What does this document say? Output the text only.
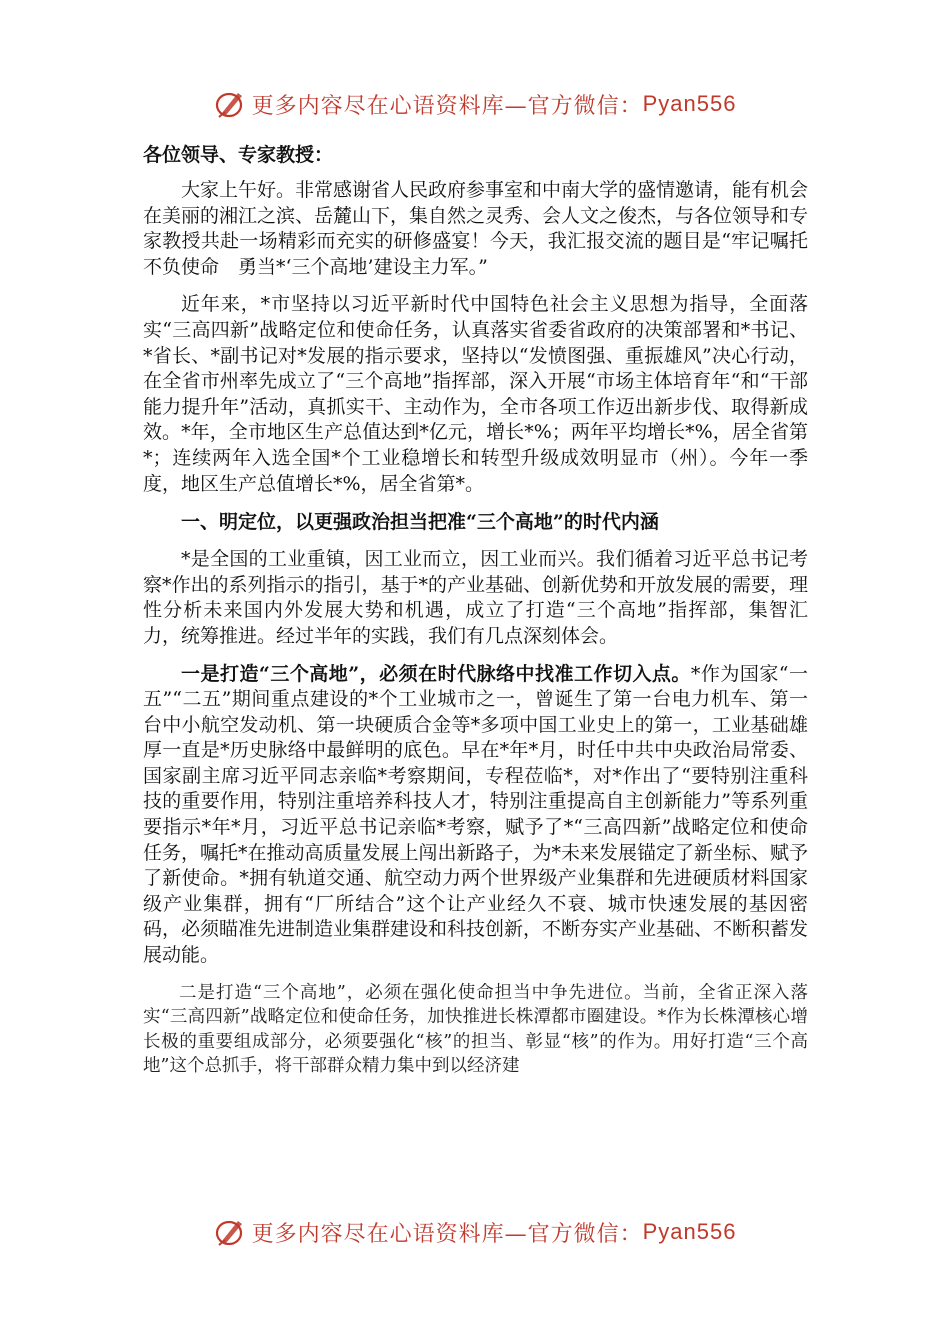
更多内容尽在心语资料库—官方微信： Pyan556
各位领导、专家教授：

大家上午好。非常感谢省人民政府参事室和中南大学的盛情邀请，能有机会在美丽的湘江之滨、岳麓山下，集自然之灵秀、会人文之俊杰，与各位领导和专家教授共赴一场精彩而充实的研修盛宴！今天，我汇报交流的题目是“牢记嘱托不负使命　勇当*‘三个高地’建设主力军。”

近年来，*市坚持以习近平新时代中国特色社会主义思想为指导，全面落实“三高四新”战略定位和使命任务，认真落实省委省政府的决策部署和*书记、*省长、*副书记对*发展的指示要求，坚持以“发愤图强、重振雄风”决心行动，在全省市州率先成立了“三个高地”指挥部，深入开展“市场主体培育年“和“干部能力提升年”活动，真抓实干、主动作为，全市各项工作迈出新步伐、取得新成效。*年，全市地区生产总值达到*亿元，增长*%；两年平均增长*%，居全省第*；连续两年入选全国*个工业稳增长和转型升级成效明显市（州）。今年一季度，地区生产总值增长*%，居全省第*。

一、明定位，以更强政治担当把准“三个高地”的时代内涵

*是全国的工业重镇，因工业而立，因工业而兴。我们循着习近平总书记考察*作出的系列指示的指引，基于*的产业基础、创新优势和开放发展的需要，理性分析未来国内外发展大势和机遇，成立了打造“三个高地”指挥部，集智汇力，统筹推进。经过半年的实践，我们有几点深刻体会。

一是打造“三个高地”，必须在时代脉络中找准工作切入点。*作为国家“一五”“二五”期间重点建设的*个工业城市之一，曾诞生了第一台电力机车、第一台中小航空发动机、第一块硬质合金等*多项中国工业史上的第一，工业基础雄厚一直是*历史脉络中最鲜明的底色。早在*年*月，时任中共中央政治局常委、国家副主席习近平同志亲临*考察期间，专程莅临*，对*作出了“要特别注重科技的重要作用，特别注重培养科技人才，特别注重提高自主创新能力”等系列重要指示*年*月，习近平总书记亲临*考察，赋予了*“三高四新”战略定位和使命任务，嘱托*在推动高质量发展上闯出新路子，为*未来发展锚定了新坐标、赋予了新使命。*拥有轨道交通、航空动力两个世界级产业集群和先进硬质材料国家级产业集群，拥有“厂所结合”这个让产业经久不衰、城市快速发展的基因密码，必须瞄准先进制造业集群建设和科技创新，不断夯实产业基础、不断积蓄发展动能。

二是打造“三个高地”，必须在强化使命担当中争先进位。当前，全省正深入落实“三高四新”战略定位和使命任务，加快推进长株潭都市圈建设。*作为长株潭核心增长极的重要组成部分，必须要强化“核”的担当、彰显“核”的作为。用好打造“三个高地”这个总抓手，将干部群众精力集中到以经济建

更多内容尽在心语资料库—官方微信： Pyan556
